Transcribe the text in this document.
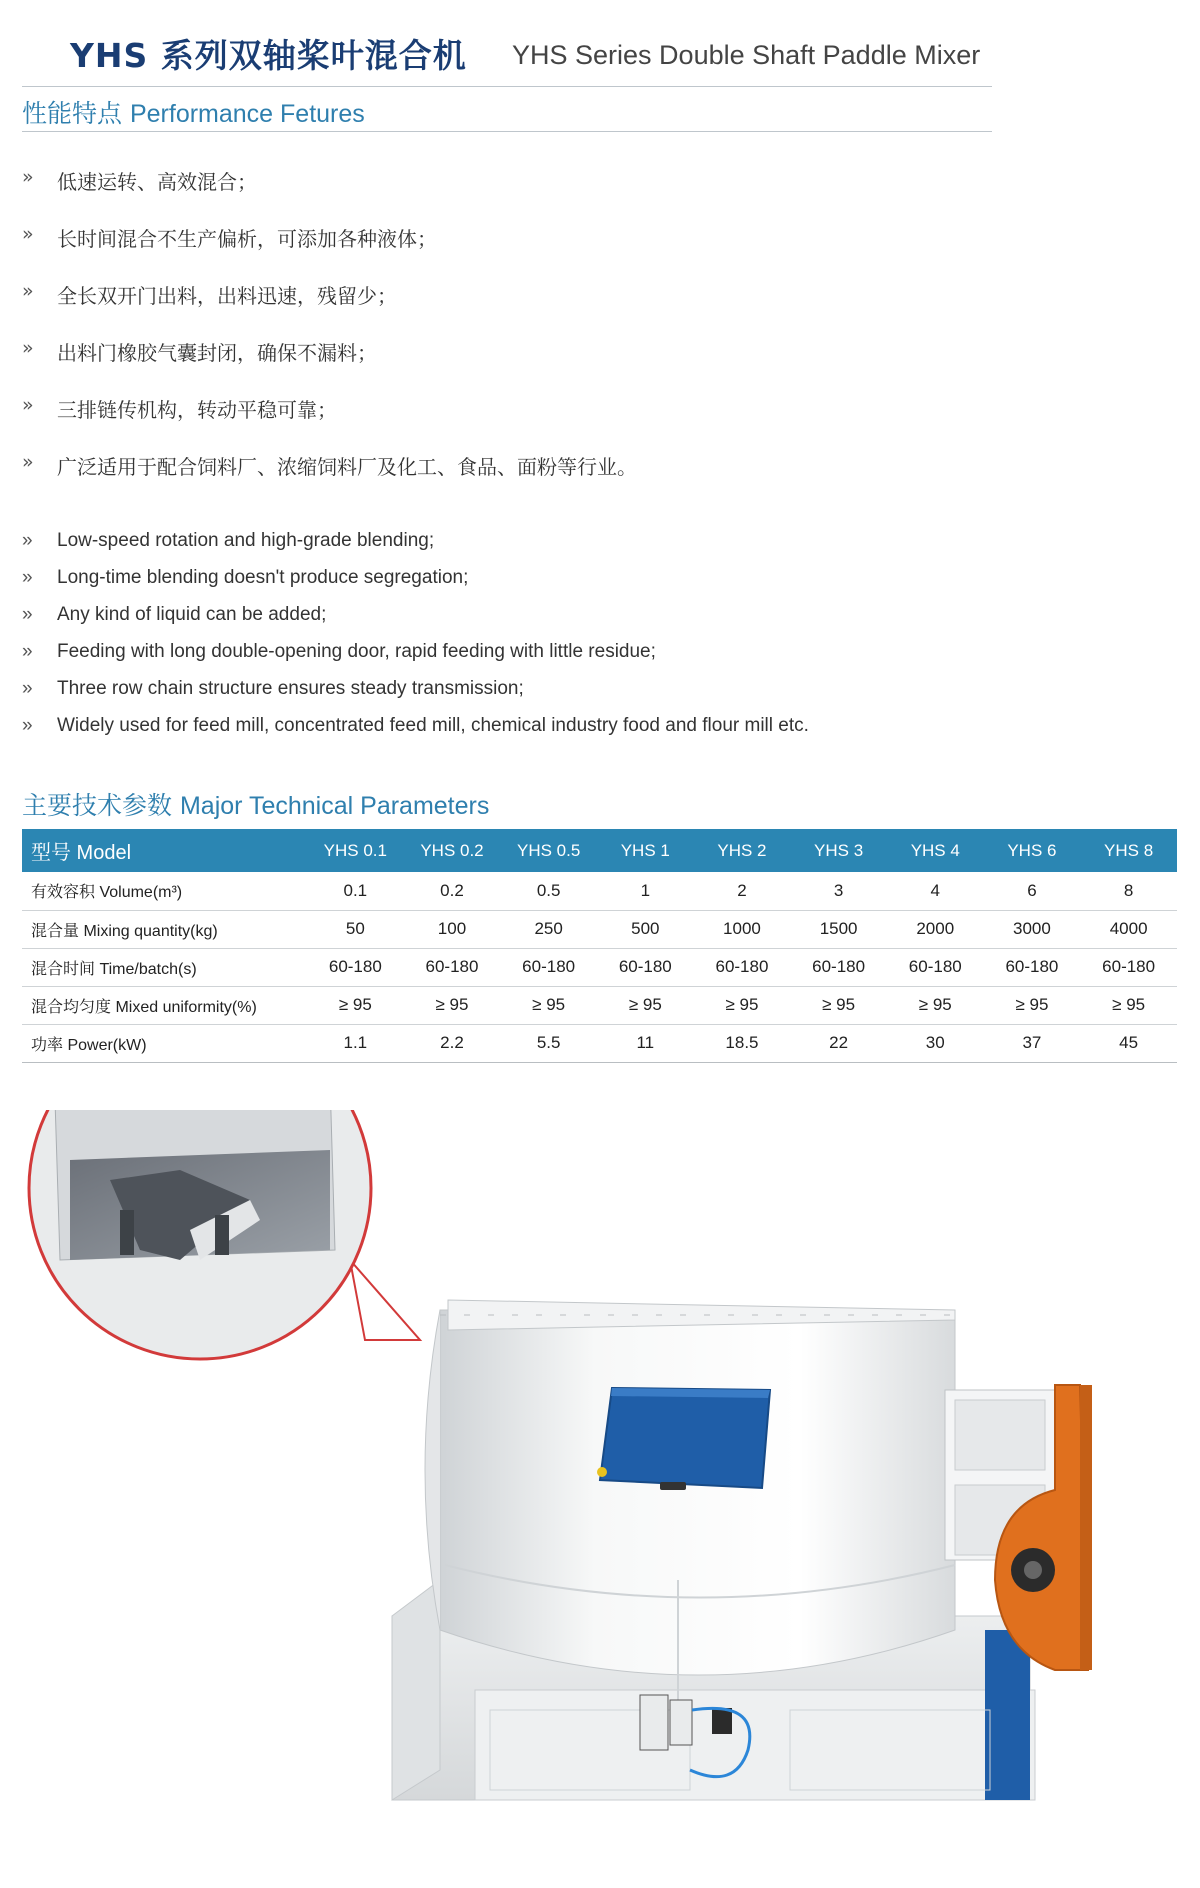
YHS 系列双轴桨叶混合机 YHS Series Double Shaft Paddle Mixer
性能特点 Performance Fetures
»	低速运转、高效混合；
»	长时间混合不生产偏析，可添加各种液体；
»	全长双开门出料，出料迅速，残留少；
»	出料门橡胶气囊封闭，确保不漏料；
»	三排链传机构，转动平稳可靠；
»	广泛适用于配合饲料厂、浓缩饲料厂及化工、食品、面粉等行业。
»	Low-speed rotation and high-grade blending;
»	Long-time blending doesn't produce segregation;
»	Any kind of liquid can be added;
»	Feeding with long double-opening door, rapid feeding with little residue;
»	Three row chain structure ensures steady transmission;
»	Widely used for feed mill, concentrated feed mill, chemical industry food and flour mill etc.
主要技术参数 Major Technical Parameters
型号 Model	YHS 0.1	YHS 0.2	YHS 0.5	YHS 1	YHS 2	YHS 3	YHS 4	YHS 6	YHS 8
有效容积 Volume(m³)	0.1	0.2	0.5	1	2	3	4	6	8
混合量 Mixing quantity(kg)	50	100	250	500	1000	1500	2000	3000	4000
混合时间 Time/batch(s)	60-180	60-180	60-180	60-180	60-180	60-180	60-180	60-180	60-180
混合均匀度 Mixed uniformity(%)	≥ 95	≥ 95	≥ 95	≥ 95	≥ 95	≥ 95	≥ 95	≥ 95	≥ 95
功率 Power(kW)	1.1	2.2	5.5	11	18.5	22	30	37	45
